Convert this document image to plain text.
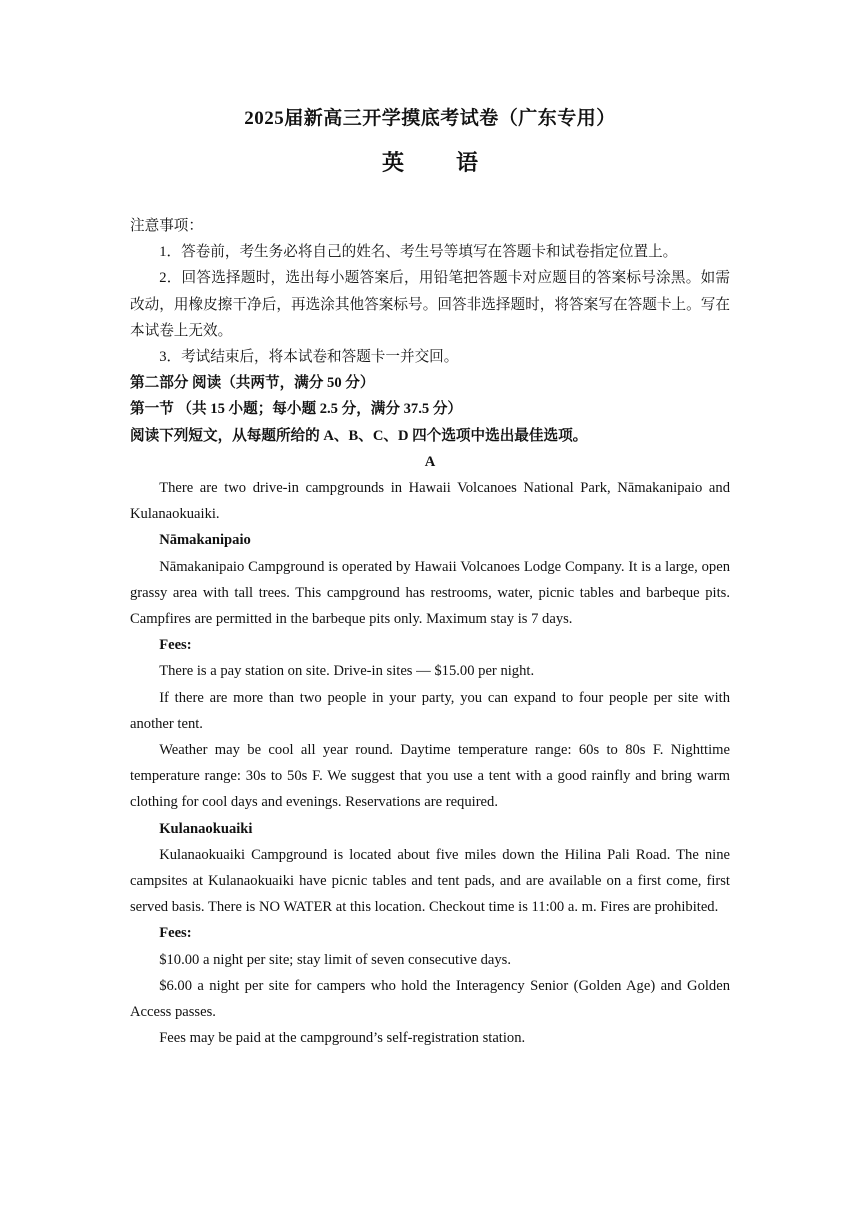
2025届新高三开学摸底考试卷（广东专用）
英 语

注意事项：

1．答卷前，考生务必将自己的姓名、考生号等填写在答题卡和试卷指定位置上。

2．回答选择题时，选出每小题答案后，用铅笔把答题卡对应题目的答案标号涂黑。如需改动，用橡皮擦干净后，再选涂其他答案标号。回答非选择题时，将答案写在答题卡上。写在本试卷上无效。

3．考试结束后，将本试卷和答题卡一并交回。

第二部分 阅读（共两节，满分 50 分）

第一节 （共 15 小题；每小题 2.5 分，满分 37.5 分）

阅读下列短文，从每题所给的 A、B、C、D 四个选项中选出最佳选项。

A

There are two drive-in campgrounds in Hawaii Volcanoes National Park, Nāmakanipaio and Kulanaokuaiki.

Nāmakanipaio

Nāmakanipaio Campground is operated by Hawaii Volcanoes Lodge Company. It is a large, open grassy area with tall trees. This campground has restrooms, water, picnic tables and barbeque pits. Campfires are permitted in the barbeque pits only. Maximum stay is 7 days.

Fees:

There is a pay station on site. Drive-in sites — $15.00 per night.

If there are more than two people in your party, you can expand to four people per site with another tent.

Weather may be cool all year round. Daytime temperature range: 60s to 80s F. Nighttime temperature range: 30s to 50s F. We suggest that you use a tent with a good rainfly and bring warm clothing for cool days and evenings. Reservations are required.

Kulanaokuaiki

Kulanaokuaiki Campground is located about five miles down the Hilina Pali Road. The nine campsites at Kulanaokuaiki have picnic tables and tent pads, and are available on a first come, first served basis. There is NO WATER at this location. Checkout time is 11:00 a. m. Fires are prohibited.

Fees:

$10.00 a night per site; stay limit of seven consecutive days.

$6.00 a night per site for campers who hold the Interagency Senior (Golden Age) and Golden Access passes.

Fees may be paid at the campground’s self-registration station.
